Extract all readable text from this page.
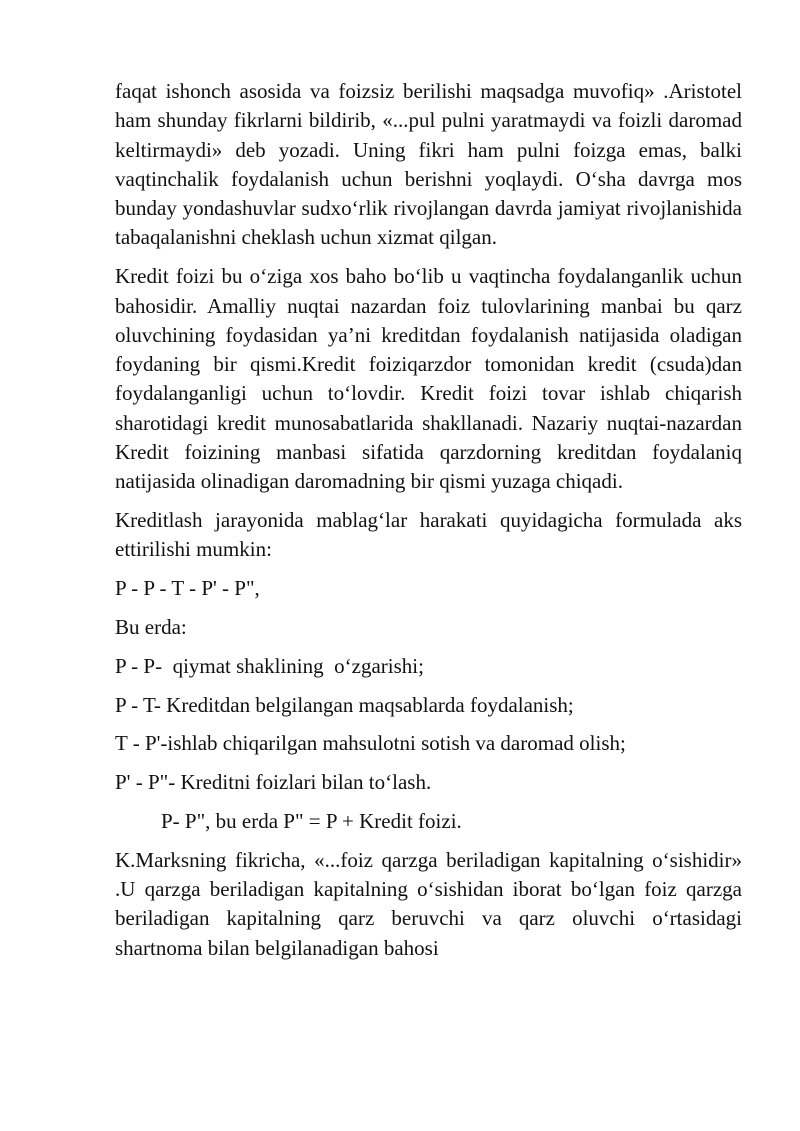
faqat ishonch asosida va foizsiz berilishi maqsadga muvofiq» .Aristotel ham shunday fikrlarni bildirib, «...pul pulni yaratmaydi va foizli daromad keltirmaydi» deb yozadi. Uning fikri ham pulni foizga emas, balki vaqtinchalik foydalanish uchun berishni yoqlaydi. O‘sha davrga mos bunday yondashuvlar sudxo‘rlik rivojlangan davrda jamiyat rivojlanishida tabaqalanishni cheklash uchun xizmat qilgan.

Kredit foizi bu o‘ziga xos baho bo‘lib u vaqtincha foydalanganlik uchun bahosidir. Amalliy nuqtai nazardan foiz tulovlarining manbai bu qarz oluvchining foydasidan ya’ni kreditdan foydalanish natijasida oladigan foydaning bir qismi.Kredit foiziqarzdor tomonidan kredit (csuda)dan foydalanganligi uchun to‘lovdir. Kredit foizi tovar ishlab chiqarish sharotidagi kredit munosabatlarida shakllanadi. Nazariy nuqtai-nazardan Kredit foizining manbasi sifatida qarzdorning kreditdan foydalaniq natijasida olinadigan daromadning bir qismi yuzaga chiqadi.

Kreditlash jarayonida mablag‘lar harakati quyidagicha formulada aks ettirilishi mumkin:

P - P - T - P' - P",

Bu erda:

P - P-  qiymat shaklining  o‘zgarishi;

P - T- Kreditdan belgilangan maqsablarda foydalanish;

T - P'-ishlab chiqarilgan mahsulotni sotish va daromad olish;

P' - P"- Kreditni foizlari bilan to‘lash.

P- P", bu erda P" = P + Kredit foizi.

K.Marksning fikricha, «...foiz qarzga beriladigan kapitalning o‘sishidir» .U qarzga beriladigan kapitalning o‘sishidan iborat bo‘lgan foiz qarzga beriladigan kapitalning qarz beruvchi va qarz oluvchi o‘rtasidagi shartnoma bilan belgilanadigan bahosi
